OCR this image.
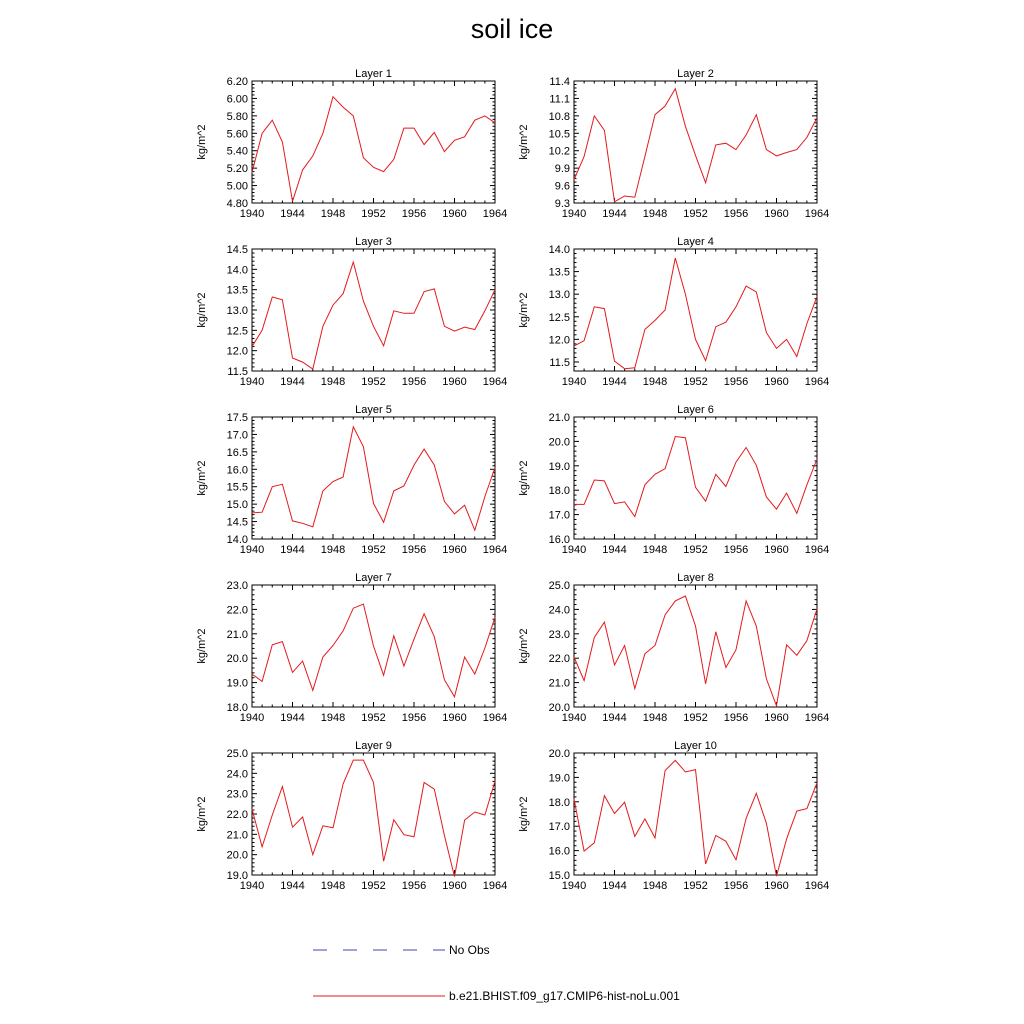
soil ice
Layer 1
kg/m^2
4.80
5.00
5.20
5.40
5.60
5.80
6.00
6.20
1940 1944 1948 1952 1956 1960 1964
Layer 2
kg/m^2
9.3
9.6
9.9
10.2
10.5
10.8
11.1
11.4
1940 1944 1948 1952 1956 1960 1964
Layer 3
kg/m^2
11.5
12.0
12.5
13.0
13.5
14.0
14.5
1940 1944 1948 1952 1956 1960 1964
Layer 4
kg/m^2
11.5
12.0
12.5
13.0
13.5
14.0
1940 1944 1948 1952 1956 1960 1964
Layer 5
kg/m^2
14.0
14.5
15.0
15.5
16.0
16.5
17.0
17.5
1940 1944 1948 1952 1956 1960 1964
Layer 6
kg/m^2
16.0
17.0
18.0
19.0
20.0
21.0
1940 1944 1948 1952 1956 1960 1964
Layer 7
kg/m^2
18.0
19.0
20.0
21.0
22.0
23.0
1940 1944 1948 1952 1956 1960 1964
Layer 8
kg/m^2
20.0
21.0
22.0
23.0
24.0
25.0
1940 1944 1948 1952 1956 1960 1964
Layer 9
kg/m^2
19.0
20.0
21.0
22.0
23.0
24.0
25.0
1940 1944 1948 1952 1956 1960 1964
Layer 10
kg/m^2
15.0
16.0
17.0
18.0
19.0
20.0
1940 1944 1948 1952 1956 1960 1964
No Obs
b.e21.BHIST.f09_g17.CMIP6-hist-noLu.001
